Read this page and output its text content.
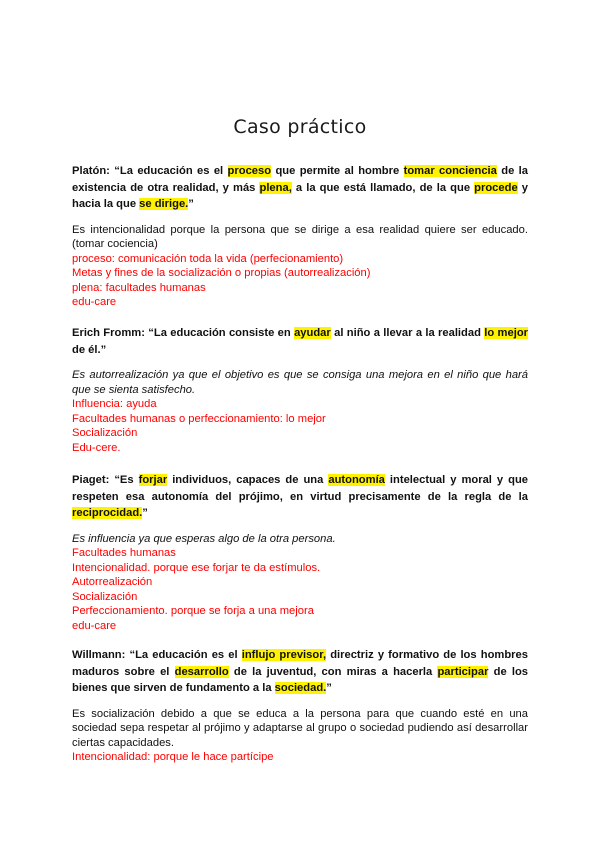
Caso práctico

Platón: “La educación es el proceso que permite al hombre tomar conciencia de la existencia de otra realidad, y más plena, a la que está llamado, de la que procede y hacia la que se dirige.”

Es intencionalidad porque la persona que se dirige a esa realidad quiere ser educado. (tomar cociencia)

proceso: comunicación toda la vida (perfecionamiento)

Metas y fines de la socialización o propias (autorrealización)

plena: facultades humanas

edu-care

Erich Fromm: “La educación consiste en ayudar al niño a llevar a la realidad lo mejor de él.”

Es autorrealización ya que el objetivo es que se consiga una mejora en el niño que hará que se sienta satisfecho.

Influencia: ayuda

Facultades humanas o perfeccionamiento: lo mejor

Socialización

Edu-cere.

Piaget: “Es forjar individuos, capaces de una autonomía intelectual y moral y que respeten esa autonomía del prójimo, en virtud precisamente de la regla de la reciprocidad.”

Es influencia ya que esperas algo de la otra persona.

Facultades humanas

Intencionalidad. porque ese forjar te da estímulos.

Autorrealización

Socialización

Perfeccionamiento. porque se forja a una mejora

edu-care

Willmann: “La educación es el influjo previsor, directriz y formativo de los hombres maduros sobre el desarrollo de la juventud, con miras a hacerla participar de los bienes que sirven de fundamento a la sociedad.”

Es socialización debido a que se educa a la persona para que cuando esté en una sociedad sepa respetar al prójimo y adaptarse al grupo o sociedad pudiendo así desarrollar ciertas capacidades.

Intencionalidad: porque le hace partícipe
